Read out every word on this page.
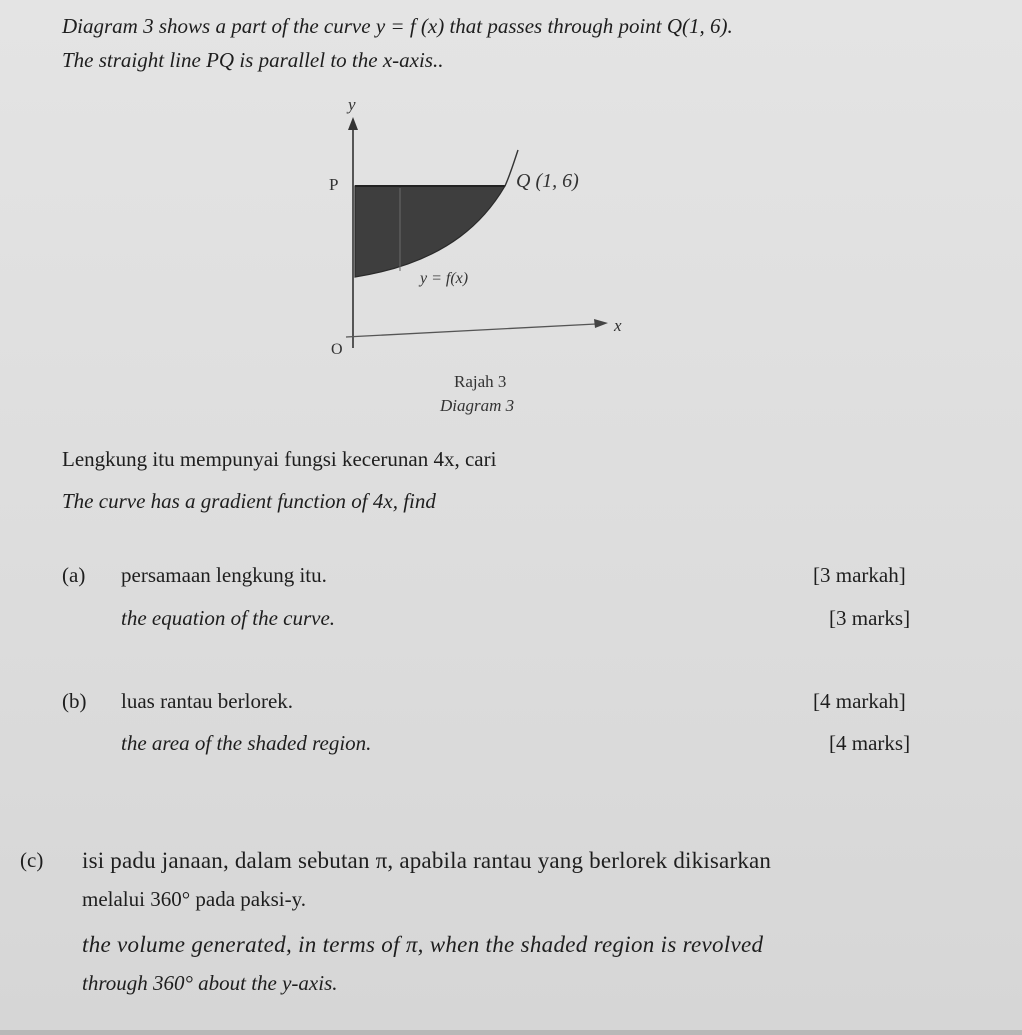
Diagram 3 shows a part of the curve y = f (x) that passes through point Q(1, 6).
The straight line PQ is parallel to the x-axis..
y
x
O
P	Q (1, 6)
y = f(x)
Rajah 3
Diagram 3
Lengkung itu mempunyai fungsi kecerunan 4x, cari
The curve has a gradient function of 4x, find
(a) persamaan lengkung itu.	[3 markah]
the equation of the curve.	[3 marks]
(b) luas rantau berlorek.	[4 markah]
the area of the shaded region.	[4 marks]
(c) isi padu janaan, dalam sebutan π, apabila rantau yang berlorek dikisarkan
melalui 360° pada paksi-y.
the volume generated, in terms of π, when the shaded region is revolved
through 360° about the y-axis.
